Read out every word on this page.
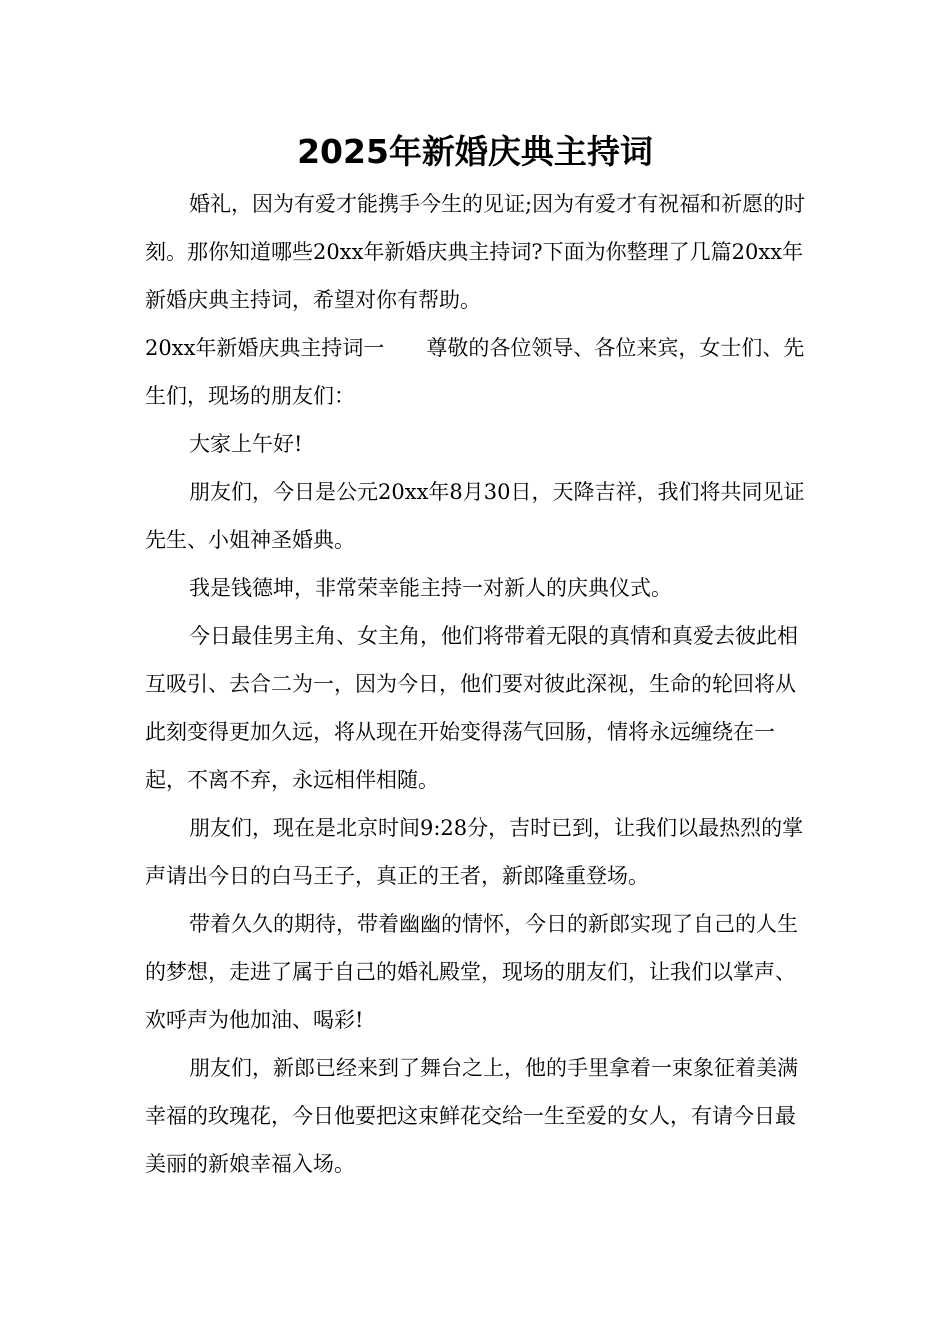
2025年新婚庆典主持词

婚礼，因为有爱才能携手今生的见证;因为有爱才有祝福和祈愿的时刻。那你知道哪些20xx年新婚庆典主持词?下面为你整理了几篇20xx年新婚庆典主持词，希望对你有帮助。

20xx年新婚庆典主持词一　　尊敬的各位领导、各位来宾，女士们、先生们，现场的朋友们：

大家上午好!

朋友们，今日是公元20xx年8月30日，天降吉祥，我们将共同见证先生、小姐神圣婚典。

我是钱德坤，非常荣幸能主持一对新人的庆典仪式。

今日最佳男主角、女主角，他们将带着无限的真情和真爱去彼此相互吸引、去合二为一，因为今日，他们要对彼此深视，生命的轮回将从此刻变得更加久远，将从现在开始变得荡气回肠，情将永远缠绕在一起，不离不弃，永远相伴相随。

朋友们，现在是北京时间9:28分，吉时已到，让我们以最热烈的掌声请出今日的白马王子，真正的王者，新郎隆重登场。

带着久久的期待，带着幽幽的情怀，今日的新郎实现了自己的人生的梦想，走进了属于自己的婚礼殿堂，现场的朋友们，让我们以掌声、欢呼声为他加油、喝彩!

朋友们，新郎已经来到了舞台之上，他的手里拿着一束象征着美满幸福的玫瑰花，今日他要把这束鲜花交给一生至爱的女人，有请今日最美丽的新娘幸福入场。
